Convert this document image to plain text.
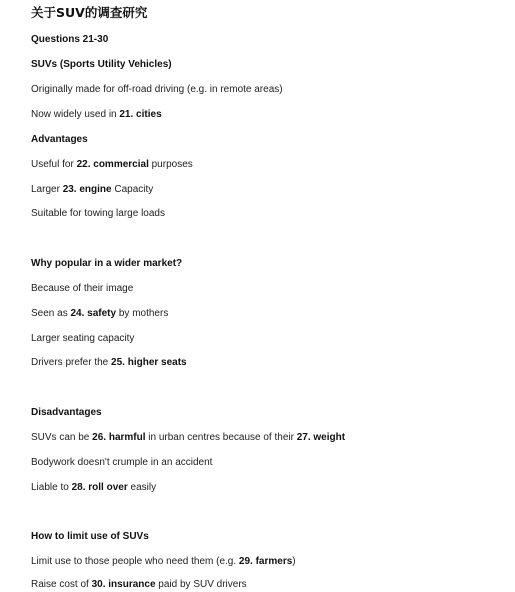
关于SUV的调查研究
Questions 21-30
SUVs (Sports Utility Vehicles)
Originally made for off-road driving (e.g. in remote areas)
Now widely used in 21. cities
Advantages
Useful for 22. commercial purposes
Larger 23. engine Capacity
Suitable for towing large loads
Why popular in a wider market?
Because of their image
Seen as 24. safety by mothers
Larger seating capacity
Drivers prefer the 25. higher seats
Disadvantages
SUVs can be 26. harmful in urban centres because of their 27. weight
Bodywork doesn't crumple in an accident
Liable to 28. roll over easily
How to limit use of SUVs
Limit use to those people who need them (e.g. 29. farmers)
Raise cost of 30. insurance paid by SUV drivers
